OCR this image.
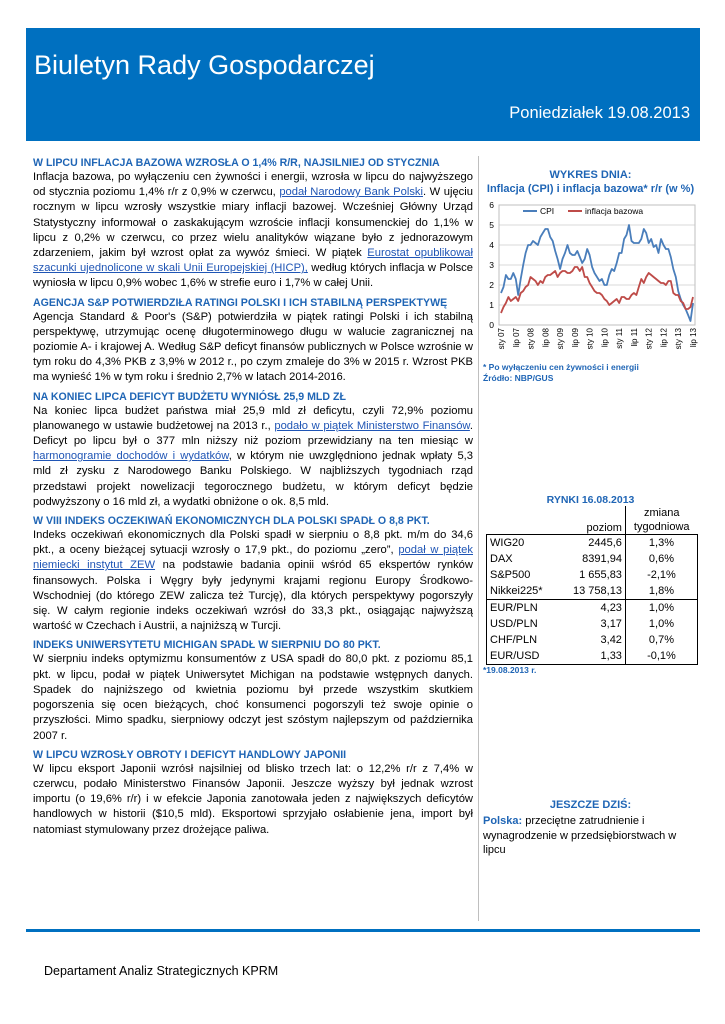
Biuletyn Rady Gospodarczej
Poniedziałek 19.08.2013
W LIPCU INFLACJA BAZOWA WZROSŁA O 1,4% R/R, NAJSILNIEJ OD STYCZNIA
Inflacja bazowa, po wyłączeniu cen żywności i energii, wzrosła w lipcu do najwyższego od stycznia poziomu 1,4% r/r z 0,9% w czerwcu, podał Narodowy Bank Polski. W ujęciu rocznym w lipcu wzrosły wszystkie miary inflacji bazowej. Wcześniej Główny Urząd Statystyczny informował o zaskakującym wzroście inflacji konsumenckiej do 1,1% w lipcu z 0,2% w czerwcu, co przez wielu analityków wiązane było z jednorazowym zdarzeniem, jakim był wzrost opłat za wywóz śmieci. W piątek Eurostat opublikował szacunki ujednolicone w skali Unii Europejskiej (HICP), według których inflacja w Polsce wyniosła w lipcu 0,9% wobec 1,6% w strefie euro i 1,7% w całej Unii.
AGENCJA S&P POTWIERDZIŁA RATINGI POLSKI I ICH STABILNĄ PERSPEKTYWĘ
Agencja Standard & Poor's (S&P) potwierdziła w piątek ratingi Polski i ich stabilną perspektywę, utrzymując ocenę długoterminowego długu w walucie zagranicznej na poziomie A- i krajowej A. Według S&P deficyt finansów publicznych w Polsce wzrośnie w tym roku do 4,3% PKB z 3,9% w 2012 r., po czym zmaleje do 3% w 2015 r. Wzrost PKB ma wynieść 1% w tym roku i średnio 2,7% w latach 2014-2016.
NA KONIEC LIPCA DEFICYT BUDŻETU WYNIÓSŁ 25,9 MLD ZŁ
Na koniec lipca budżet państwa miał 25,9 mld zł deficytu, czyli 72,9% poziomu planowanego w ustawie budżetowej na 2013 r., podało w piątek Ministerstwo Finansów. Deficyt po lipcu był o 377 mln niższy niż poziom przewidziany na ten miesiąc w harmonogramie dochodów i wydatków, w którym nie uwzględniono jednak wpłaty 5,3 mld zł zysku z Narodowego Banku Polskiego. W najbliższych tygodniach rząd przedstawi projekt nowelizacji tegorocznego budżetu, w którym deficyt będzie podwyższony o 16 mld zł, a wydatki obniżone o ok. 8,5 mld.
W VIII INDEKS OCZEKIWAŃ EKONOMICZNYCH DLA POLSKI SPADŁ O 8,8 PKT.
Indeks oczekiwań ekonomicznych dla Polski spadł w sierpniu o 8,8 pkt. m/m do 34,6 pkt., a oceny bieżącej sytuacji wzrosły o 17,9 pkt., do poziomu „zero”, podał w piątek niemiecki instytut ZEW na podstawie badania opinii wśród 65 ekspertów rynków finansowych. Polska i Węgry były jedynymi krajami regionu Europy Środkowo-Wschodniej (do którego ZEW zalicza też Turcję), dla których perspektywy pogorszyły się. W całym regionie indeks oczekiwań wzrósł do 33,3 pkt., osiągając najwyższą wartość w Czechach i Austrii, a najniższą w Turcji.
INDEKS UNIWERSYTETU MICHIGAN SPADŁ W SIERPNIU DO 80 PKT.
W sierpniu indeks optymizmu konsumentów z USA spadł do 80,0 pkt. z poziomu 85,1 pkt. w lipcu, podał w piątek Uniwersytet Michigan na podstawie wstępnych danych. Spadek do najniższego od kwietnia poziomu był przede wszystkim skutkiem pogorszenia się ocen bieżących, choć konsumenci pogorszyli też swoje opinie o przyszłości. Mimo spadku, sierpniowy odczyt jest szóstym najlepszym od października 2007 r.
W LIPCU WZROSŁY OBROTY I DEFICYT HANDLOWY JAPONII
W lipcu eksport Japonii wzrósł najsilniej od blisko trzech lat: o 12,2% r/r z 7,4% w czerwcu, podało Ministerstwo Finansów Japonii. Jeszcze wyższy był jednak wzrost importu (o 19,6% r/r) i w efekcie Japonia zanotowała jeden z największych deficytów handlowych w historii ($10,5 mld). Eksportowi sprzyjało osłabienie jena, import był natomiast stymulowany przez drożejące paliwa.
WYKRES DNIA:
Inflacja (CPI) i inflacja bazowa* r/r (w %)
0
1
2
3
4
5
6
sty 07 lip 07 sty 08 lip 08 sty 09 lip 09 sty 10 lip 10 sty 11 lip 11 sty 12 lip 12 sty 13 lip 13
CPI	inflacja bazowa
* Po wyłączeniu cen żywności i energii
Źródło: NBP/GUS
RYNKI 16.08.2013
	poziom	zmiana
tygodniowa
WIG20	2445,6	1,3%
DAX	8391,94	0,6%
S&P500	1 655,83	-2,1%
Nikkei225*	13 758,13	1,8%
EUR/PLN	4,23	1,0%
USD/PLN	3,17	1,0%
CHF/PLN	3,42	0,7%
EUR/USD	1,33	-0,1%
*19.08.2013 r.
JESZCZE DZIŚ:
Polska: przeciętne zatrudnienie i wynagrodzenie w przedsiębiorstwach w lipcu
Departament Analiz Strategicznych KPRM
